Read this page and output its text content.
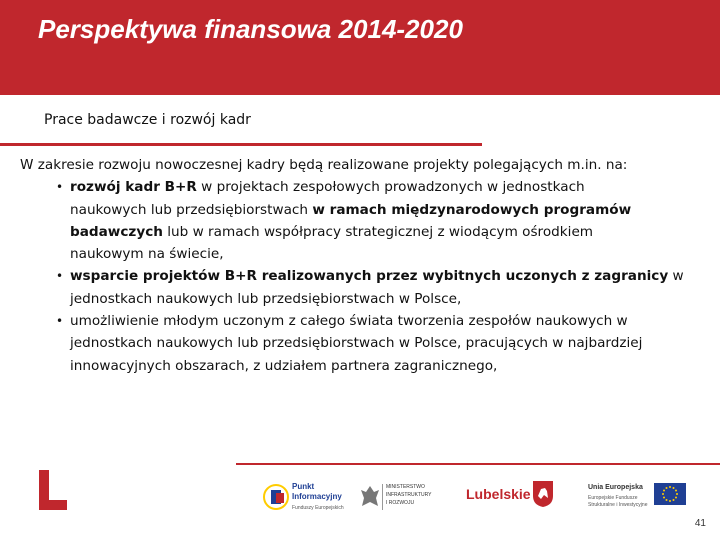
Perspektywa finansowa 2014-2020
Prace badawcze i rozwój kadr
W zakresie rozwoju nowoczesnej kadry będą realizowane projekty polegających m.in. na:
• rozwój kadr B+R w projektach zespołowych prowadzonych w jednostkach
naukowych lub przedsiębiorstwach w ramach międzynarodowych programów
badawczych lub w ramach współpracy strategicznej z wiodącym ośrodkiem
naukowym na świecie,
• wsparcie projektów B+R realizowanych przez wybitnych uczonych z zagranicy w
jednostkach naukowych lub przedsiębiorstwach w Polsce,
• umożliwienie młodym uczonym z całego świata tworzenia zespołów naukowych w
jednostkach naukowych lub przedsiębiorstwach w Polsce, pracujących w najbardziej
innowacyjnych obszarach, z udziałem partnera zagranicznego,
Punkt
Informacyjny
Funduszy Europejskich
MINISTERSTWO
INFRASTRUKTURY
I ROZWOJU
Lubelskie	Unia Europejska
Europejskie Fundusze
Strukturalne i Inwestycyjne
41
